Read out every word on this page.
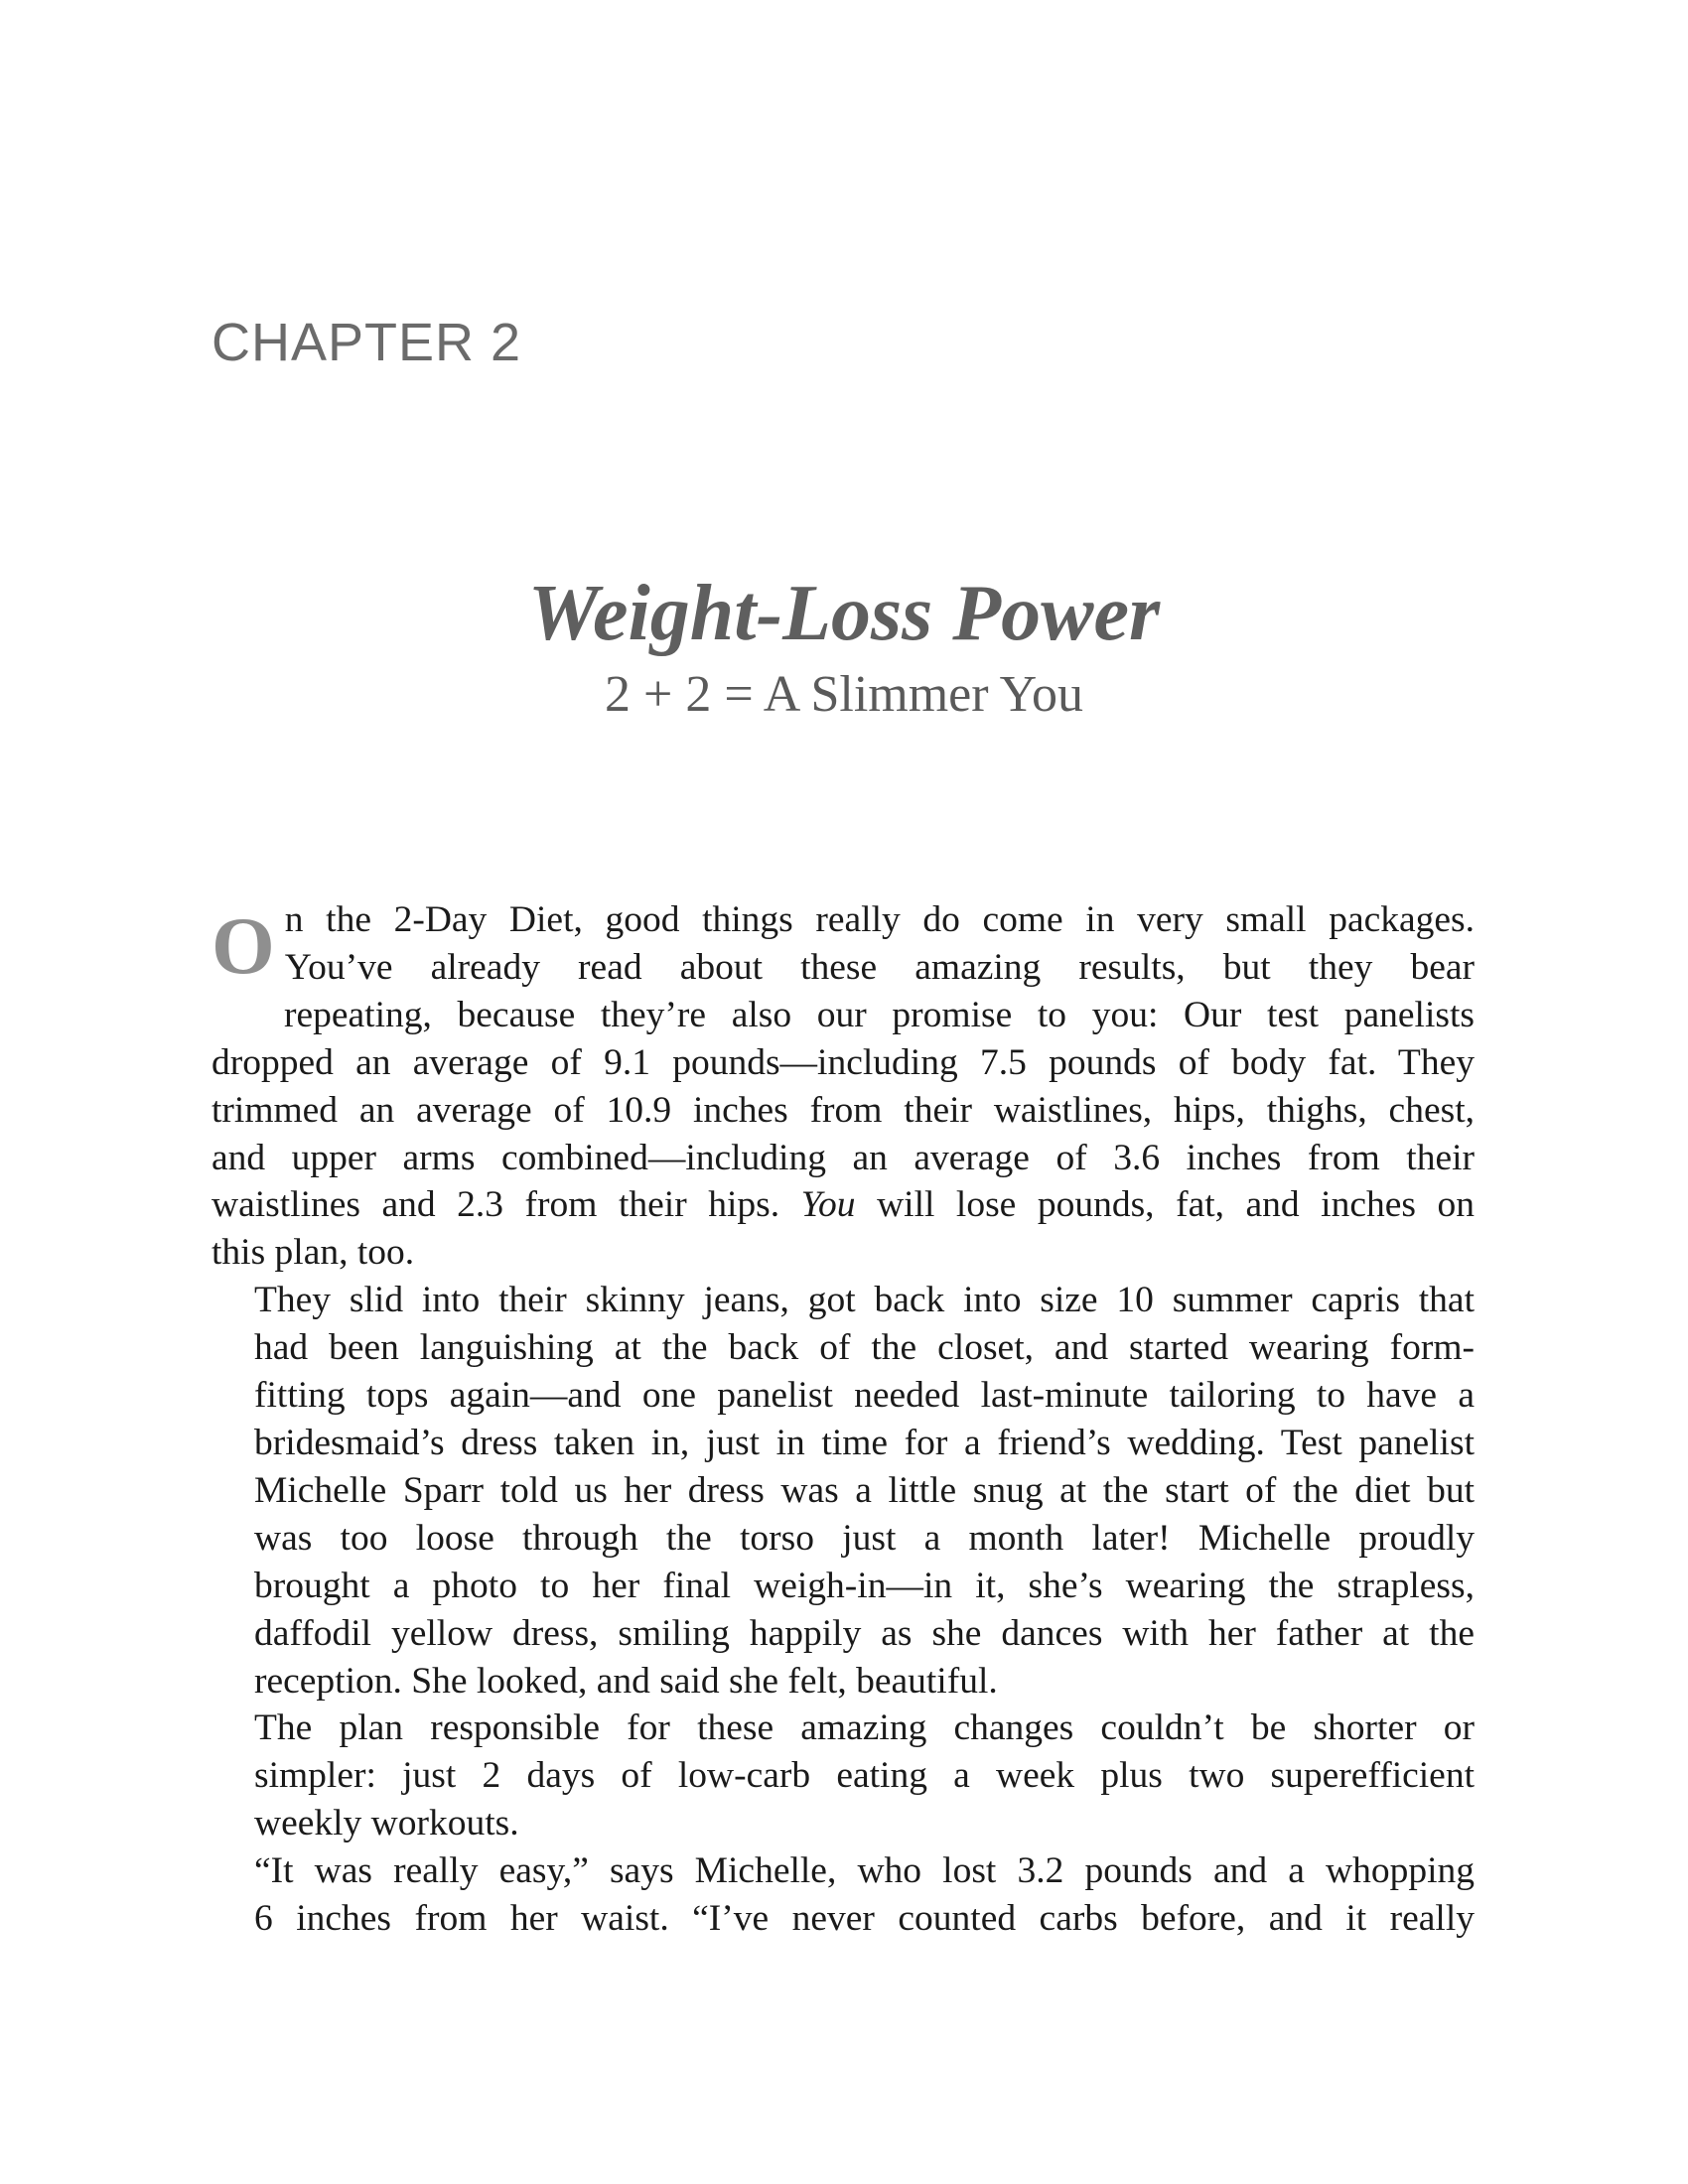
CHAPTER 2
Weight-Loss Power
2 + 2 = A Slimmer You
O n the 2-Day Diet, good things really do come in very small packages.
You’ve already read about these amazing results, but they bear
repeating, because they’re also our promise to you: Our test panelists
dropped an average of 9.1 pounds—including 7.5 pounds of body fat. They
trimmed an average of 10.9 inches from their waistlines, hips, thighs, chest,
and upper arms combined—including an average of 3.6 inches from their
waistlines and 2.3 from their hips. You will lose pounds, fat, and inches on
this plan, too.
They slid into their skinny jeans, got back into size 10 summer capris that
had been languishing at the back of the closet, and started wearing form-
fitting tops again—and one panelist needed last-minute tailoring to have a
bridesmaid’s dress taken in, just in time for a friend’s wedding. Test panelist
Michelle Sparr told us her dress was a little snug at the start of the diet but
was too loose through the torso just a month later! Michelle proudly
brought a photo to her final weigh-in—in it, she’s wearing the strapless,
daffodil yellow dress, smiling happily as she dances with her father at the
reception. She looked, and said she felt, beautiful.
The plan responsible for these amazing changes couldn’t be shorter or
simpler: just 2 days of low-carb eating a week plus two superefficient
weekly workouts.
“It was really easy,” says Michelle, who lost 3.2 pounds and a whopping
6 inches from her waist. “I’ve never counted carbs before, and it really
